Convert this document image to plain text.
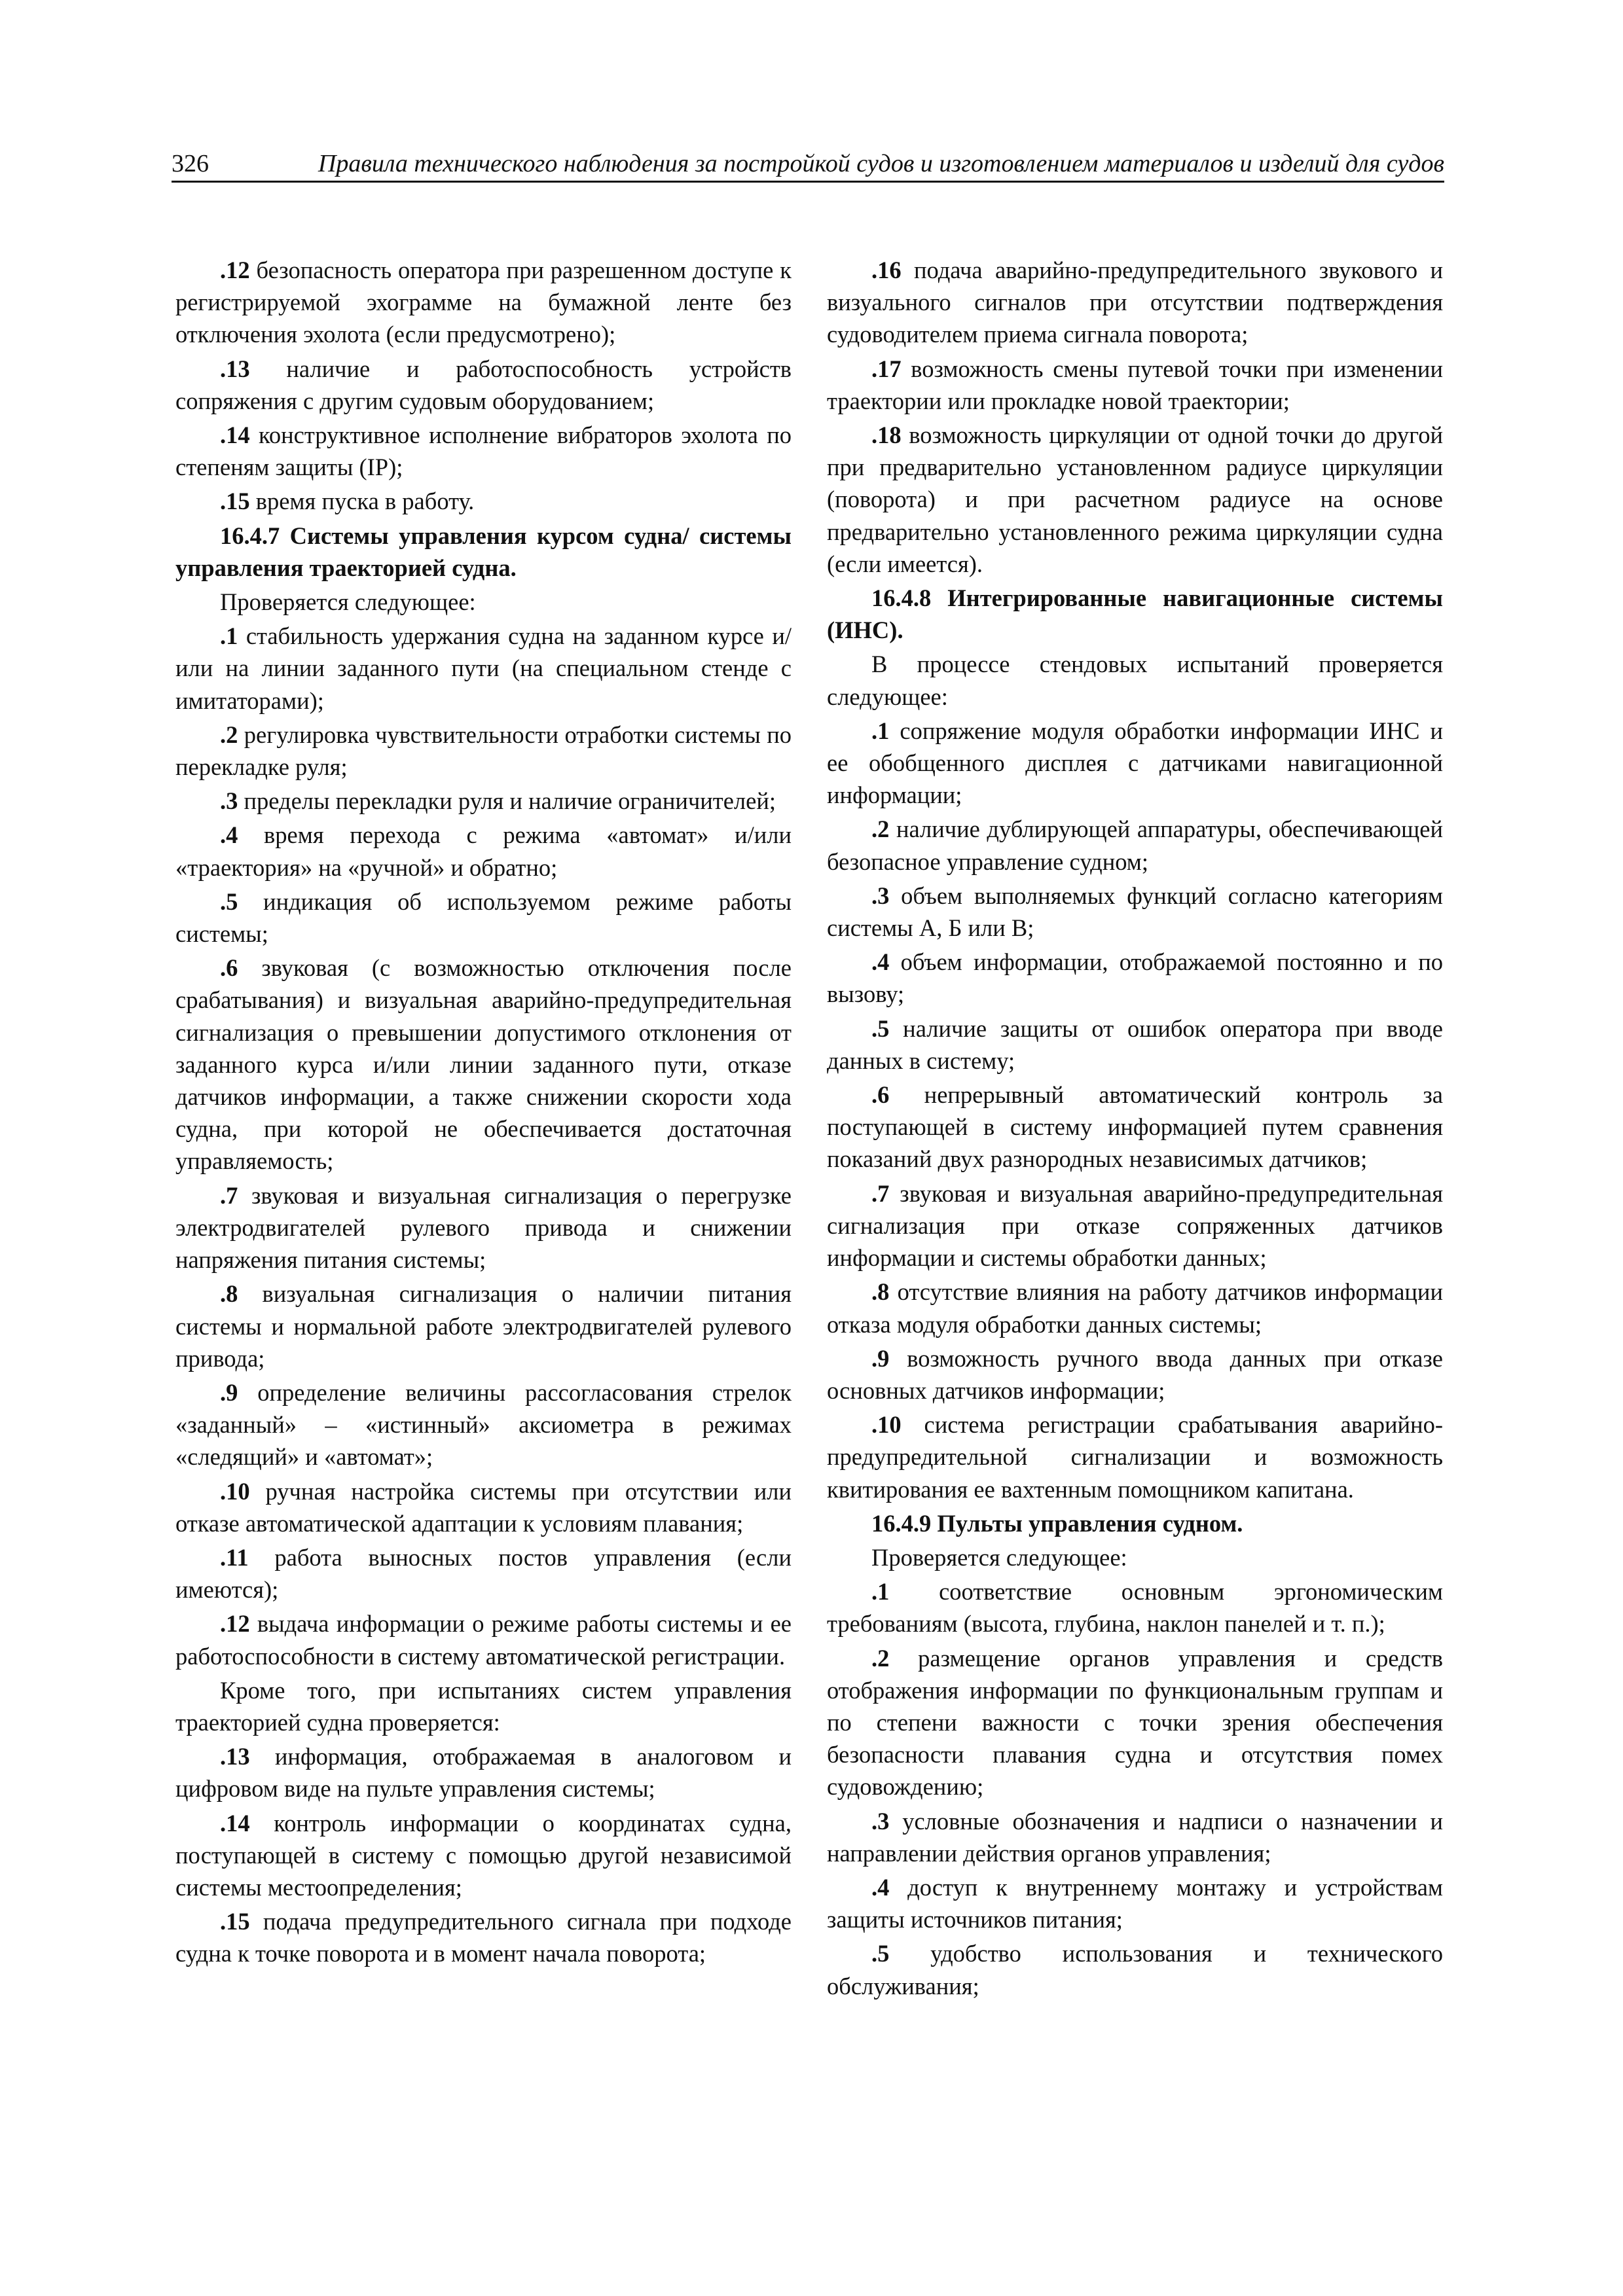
326	Правила технического наблюдения за постройкой судов и изготовлением материалов и изделий для судов

.12 безопасность оператора при разрешенном доступе к регистрируемой эхограмме на бумажной ленте без отключения эхолота (если предусмотрено);

.13 наличие и работоспособность устройств сопряжения с другим судовым оборудованием;

.14 конструктивное исполнение вибраторов эхолота по степеням защиты (IP);

.15 время пуска в работу.

16.4.7 Системы управления курсом судна/ системы управления траекторией судна.

Проверяется следующее:

.1 стабильность удержания судна на заданном курсе и/или на линии заданного пути (на специальном стенде с имитаторами);

.2 регулировка чувствительности отработки системы по перекладке руля;

.3 пределы перекладки руля и наличие ограничителей;

.4 время перехода с режима «автомат» и/или «траектория» на «ручной» и обратно;

.5 индикация об используемом режиме работы системы;

.6 звуковая (с возможностью отключения после срабатывания) и визуальная аварийно-предупредительная сигнализация о превышении допустимого отклонения от заданного курса и/или линии заданного пути, отказе датчиков информации, а также снижении скорости хода судна, при которой не обеспечивается достаточная управляемость;

.7 звуковая и визуальная сигнализация о перегрузке электродвигателей рулевого привода и снижении напряжения питания системы;

.8 визуальная сигнализация о наличии питания системы и нормальной работе электродвигателей рулевого привода;

.9 определение величины рассогласования стрелок «заданный» – «истинный» аксиометра в режимах «следящий» и «автомат»;

.10 ручная настройка системы при отсутствии или отказе автоматической адаптации к условиям плавания;

.11 работа выносных постов управления (если имеются);

.12 выдача информации о режиме работы системы и ее работоспособности в систему автоматической регистрации.

Кроме того, при испытаниях систем управления траекторией судна проверяется:

.13 информация, отображаемая в аналоговом и цифровом виде на пульте управления системы;

.14 контроль информации о координатах судна, поступающей в систему с помощью другой независимой системы местоопределения;

.15 подача предупредительного сигнала при подходе судна к точке поворота и в момент начала поворота;

.16 подача аварийно-предупредительного звукового и визуального сигналов при отсутствии подтверждения судоводителем приема сигнала поворота;

.17 возможность смены путевой точки при изменении траектории или прокладке новой траектории;

.18 возможность циркуляции от одной точки до другой при предварительно установленном радиусе циркуляции (поворота) и при расчетном радиусе на основе предварительно установленного режима циркуляции судна (если имеется).

16.4.8 Интегрированные навигационные системы (ИНС).

В процессе стендовых испытаний проверяется следующее:

.1 сопряжение модуля обработки информации ИНС и ее обобщенного дисплея с датчиками навигационной информации;

.2 наличие дублирующей аппаратуры, обеспечивающей безопасное управление судном;

.3 объем выполняемых функций согласно категориям системы А, Б или В;

.4 объем информации, отображаемой постоянно и по вызову;

.5 наличие защиты от ошибок оператора при вводе данных в систему;

.6 непрерывный автоматический контроль за поступающей в систему информацией путем сравнения показаний двух разнородных независимых датчиков;

.7 звуковая и визуальная аварийно-предупредительная сигнализация при отказе сопряженных датчиков информации и системы обработки данных;

.8 отсутствие влияния на работу датчиков информации отказа модуля обработки данных системы;

.9 возможность ручного ввода данных при отказе основных датчиков информации;

.10 система регистрации срабатывания аварийно-предупредительной сигнализации и возможность квитирования ее вахтенным помощником капитана.

16.4.9 Пульты управления судном.

Проверяется следующее:

.1 соответствие основным эргономическим требованиям (высота, глубина, наклон панелей и т. п.);

.2 размещение органов управления и средств отображения информации по функциональным группам и по степени важности с точки зрения обеспечения безопасности плавания судна и отсутствия помех судовождению;

.3 условные обозначения и надписи о назначении и направлении действия органов управления;

.4 доступ к внутреннему монтажу и устройствам защиты источников питания;

.5 удобство использования и технического обслуживания;
